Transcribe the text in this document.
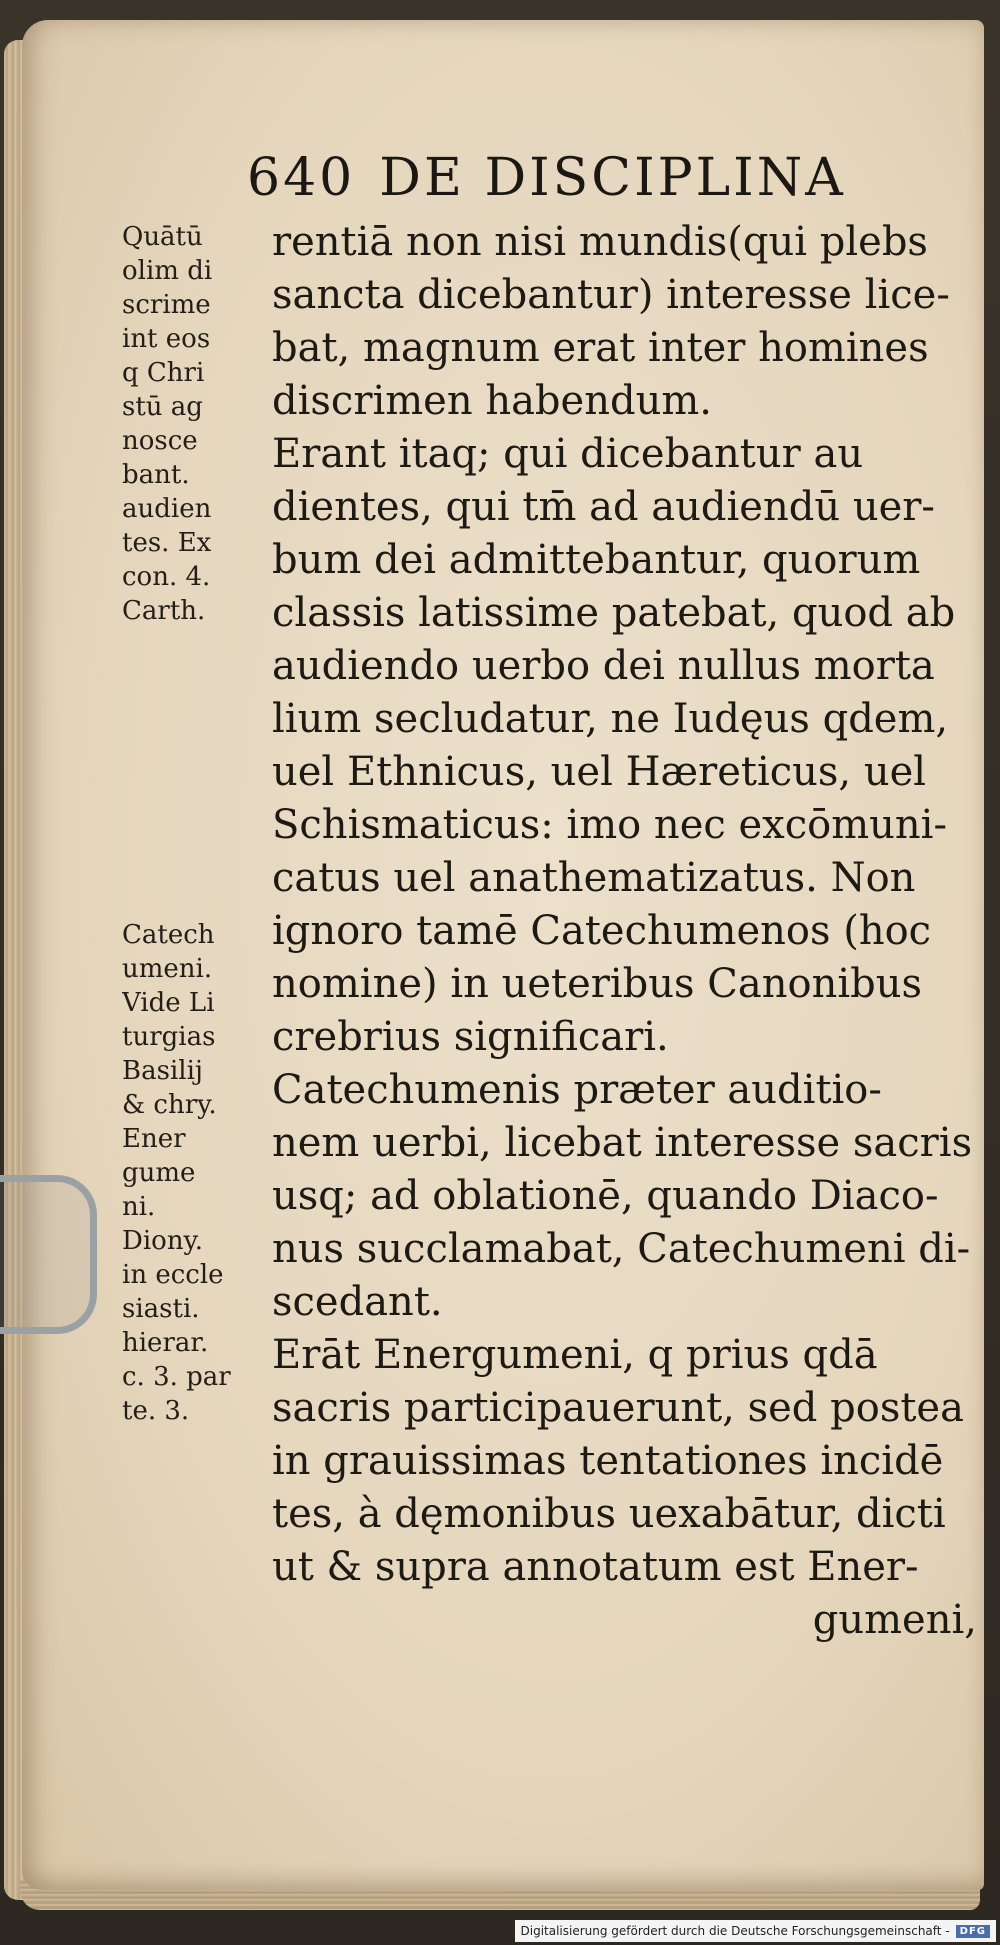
640 DE DISCIPLINA
Quātū
olim di
scrime
int eos
q Chri
stū ag
nosce
bant.
audien
tes. Ex
con. 4.
Carth.
Catech
umeni.
Vide Li
turgias
Basilij
& chry.
Ener
gume
ni.
Diony.
in eccle
siasti.
hierar.
c. 3. par
te. 3.
rentiā non nisi mundis(qui plebs
sancta dicebantur) interesse lice-
bat, magnum erat inter homines
discrimen habendum.
Erant itaq; qui dicebantur au
dientes, qui tm̄ ad audiendū uer-
bum dei admittebantur, quorum
classis latissime patebat, quod ab
audiendo uerbo dei nullus morta
lium secludatur, ne Iudęus qdem,
uel Ethnicus, uel Hæreticus, uel
Schismaticus: imo nec excōmuni-
catus uel anathematizatus. Non
ignoro tamē Catechumenos (hoc
nomine) in ueteribus Canonibus
crebrius significari.
Catechumenis præter auditio-
nem uerbi, licebat interesse sacris
usq; ad oblationē, quando Diaco-
nus succlamabat, Catechumeni di-
scedant.
Erāt Energumeni, q prius qdā
sacris participauerunt, sed postea
in grauissimas tentationes incidē
tes, à dęmonibus uexabātur, dicti
ut & supra annotatum est Ener-
gumeni,
Digitalisierung gefördert durch die Deutsche Forschungsgemeinschaft -	DFG
